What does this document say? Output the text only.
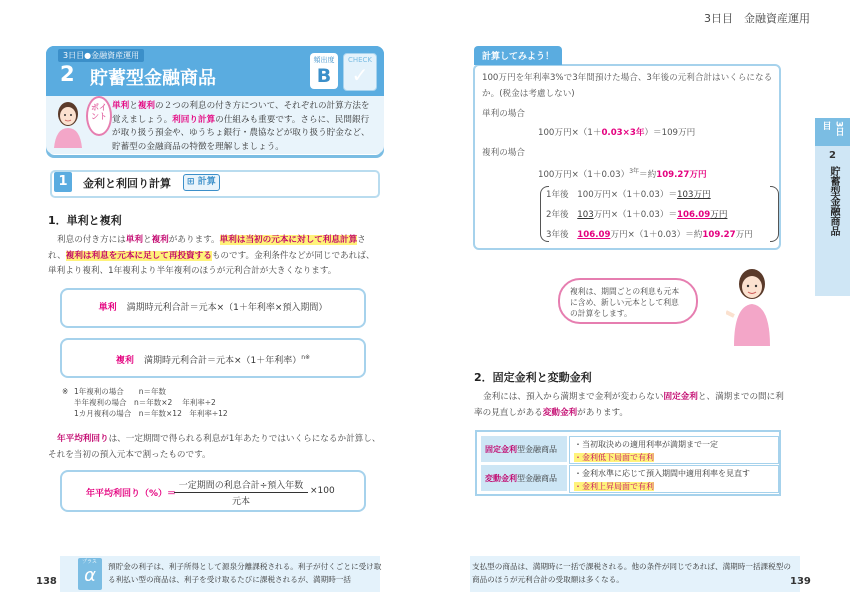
3日目　金融資産運用
3日目●金融資産運用
2 貯蓄型金融商品
頻出度
B
CHECK
✓
ポイント
単利と複利の２つの利息の付き方について、それぞれの計算方法を覚えましょう。利回り計算の仕組みも重要です。さらに、民間銀行が取り扱う預金や、ゆうちょ銀行・農協などが取り扱う貯金など、貯蓄型の金融商品の特徴を理解しましょう。
1	金利と利回り計算	⊞ 計算
1．単利と複利
利息の付き方には単利と複利があります。単利は当初の元本に対して利息計算され、複利は利息を元本に足して再投資するものです。金利条件などが同じであれば、単利より複利、1年複利より半年複利のほうが元利合計が大きくなります。
単利 満期時元利合計＝元本×（1＋年利率×預入期間）
複利 満期時元利合計＝元本×（1＋年利率）$^{n※}$
※ 1年複利の場合　　n＝年数
半年複利の場合　n＝年数×2　 年利率÷2
1カ月複利の場合　n＝年数×12　年利率÷12
年平均利回りは、一定期間で得られる利息が1年あたりではいくらになるか計算し、それを当初の預入元本で割ったものです。
年平均利回り（%）＝
一定期間の利息合計÷預入年数
元本
×100
計算してみよう！
100万円を年利率3%で3年間預けた場合、3年後の元利合計はいくらになるか。(税金は考慮しない)
単利の場合
100万円×（1＋0.03×3年）＝109万円
複利の場合
100万円$\times(1+0.03)^{3年}=$約109.27万円
1年後　 100万円×（1＋0.03）＝103万円
2年後　 103万円×（1＋0.03）＝106.09万円
3年後　 106.09万円×（1＋0.03）＝約109.27万円
複利は、期間ごとの利息も元本に含め、新しい元本として利息の計算をします。
2．固定金利と変動金利
金利には、預入から満期まで金利が変わらない固定金利と、満期までの間に利率の見直しがある変動金利があります。
固定金利型金融商品
・当初取決めの適用利率が満期まで一定
・金利低下局面で有利
変動金利型金融商品
・金利水準に応じて預入期間中適用利率を見直す
・金利上昇局面で有利
3日目
2
貯蓄型金融商品
プラス
α	預貯金の利子は、利子所得として源泉分離課税される。利子が付くごとに受け取る利払い型の商品は、利子を受け取るたびに課税されるが、満期時一括
支払型の商品は、満期時に一括で課税される。他の条件が同じであれば、満期時一括課税型の商品のほうが元利合計の受取額は多くなる。
138	139
